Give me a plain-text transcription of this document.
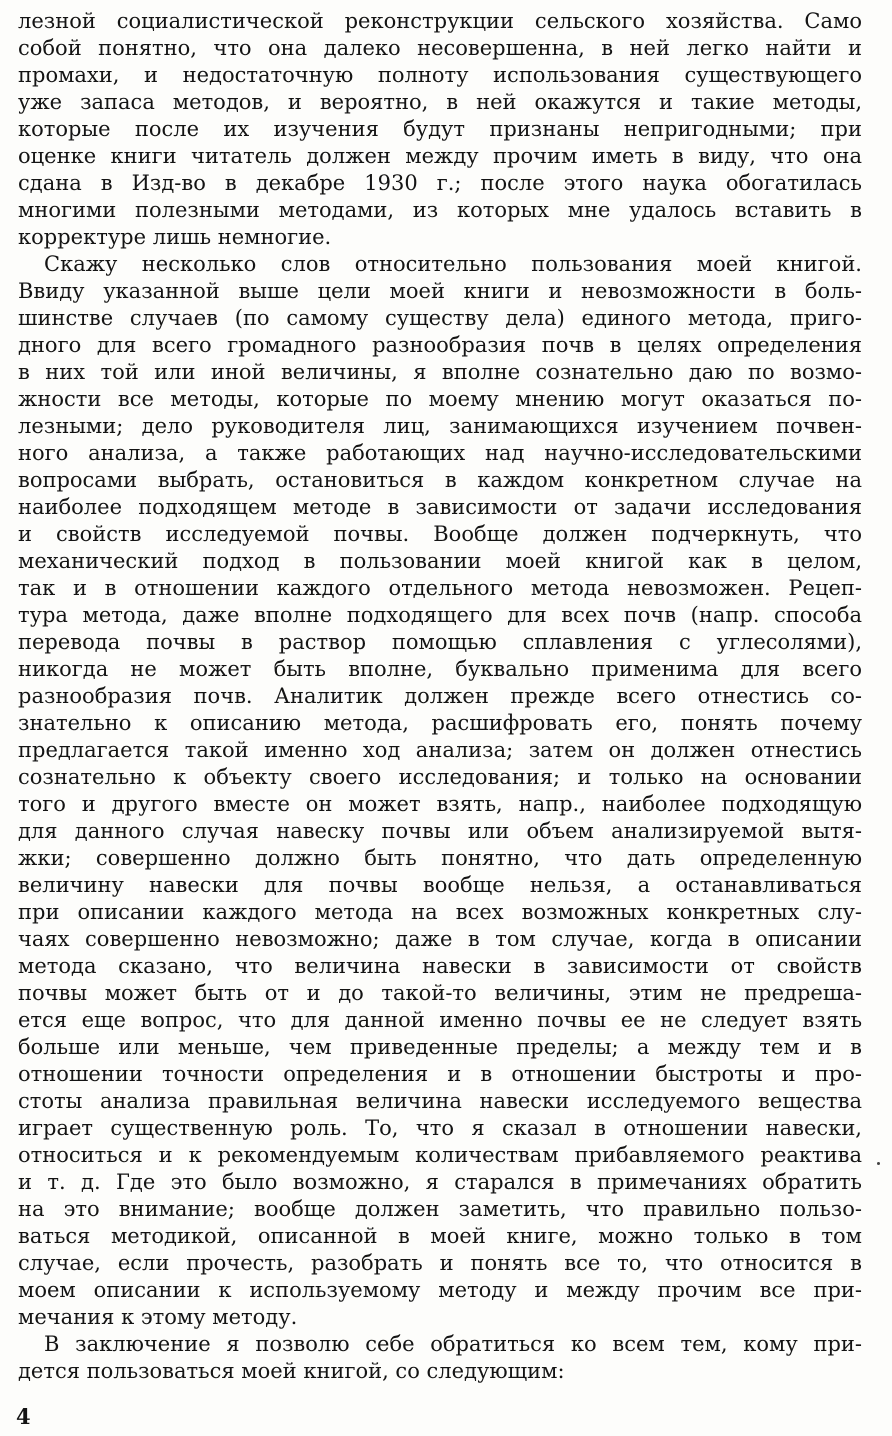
лезной социалистической реконструкции сельского хозяйства. Само
собой понятно, что она далеко несовершенна, в ней легко найти и
промахи, и недостаточную полноту использования существующего
уже запаса методов, и вероятно, в ней окажутся и такие методы,
которые после их изучения будут признаны непригодными; при
оценке книги читатель должен между прочим иметь в виду, что она
сдана в Изд-во в декабре 1930 г.; после этого наука обогатилась
многими полезными методами, из которых мне удалось вставить в
корректуре лишь немногие.

Скажу несколько слов относительно пользования моей книгой.
Ввиду указанной выше цели моей книги и невозможности в боль-
шинстве случаев (по самому существу дела) единого метода, приго-
дного для всего громадного разнообразия почв в целях определения
в них той или иной величины, я вполне сознательно даю по возмо-
жности все методы, которые по моему мнению могут оказаться по-
лезными; дело руководителя лиц, занимающихся изучением почвен-
ного анализа, а также работающих над научно-исследовательскими
вопросами выбрать, остановиться в каждом конкретном случае на
наиболее подходящем методе в зависимости от задачи исследования
и свойств исследуемой почвы. Вообще должен подчеркнуть, что
механический подход в пользовании моей книгой как в целом,
так и в отношении каждого отдельного метода невозможен. Рецеп-
тура метода, даже вполне подходящего для всех почв (напр. способа
перевода почвы в раствор помощью сплавления с углесолями),
никогда не может быть вполне, буквально применима для всего
разнообразия почв. Аналитик должен прежде всего отнестись со-
знательно к описанию метода, расшифровать его, понять почему
предлагается такой именно ход анализа; затем он должен отнестись
сознательно к объекту своего исследования; и только на основании
того и другого вместе он может взять, напр., наиболее подходящую
для данного случая навеску почвы или объем анализируемой вытя-
жки; совершенно должно быть понятно, что дать определенную
величину навески для почвы вообще нельзя, а останавливаться
при описании каждого метода на всех возможных конкретных слу-
чаях совершенно невозможно; даже в том случае, когда в описании
метода сказано, что величина навески в зависимости от свойств
почвы может быть от и до такой-то величины, этим не предреша-
ется еще вопрос, что для данной именно почвы ее не следует взять
больше или меньше, чем приведенные пределы; а между тем и в
отношении точности определения и в отношении быстроты и про-
стоты анализа правильная величина навески исследуемого вещества
играет существенную роль. То, что я сказал в отношении навески,
относиться и к рекомендуемым количествам прибавляемого реактива
и т. д. Где это было возможно, я старался в примечаниях обратить
на это внимание; вообще должен заметить, что правильно пользо-
ваться методикой, описанной в моей книге, можно только в том
случае, если прочесть, разобрать и понять все то, что относится в
моем описании к используемому методу и между прочим все при-
мечания к этому методу.

В заключение я позволю себе обратиться ко всем тем, кому при-
дется пользоваться моей книгой, со следующим:

4
